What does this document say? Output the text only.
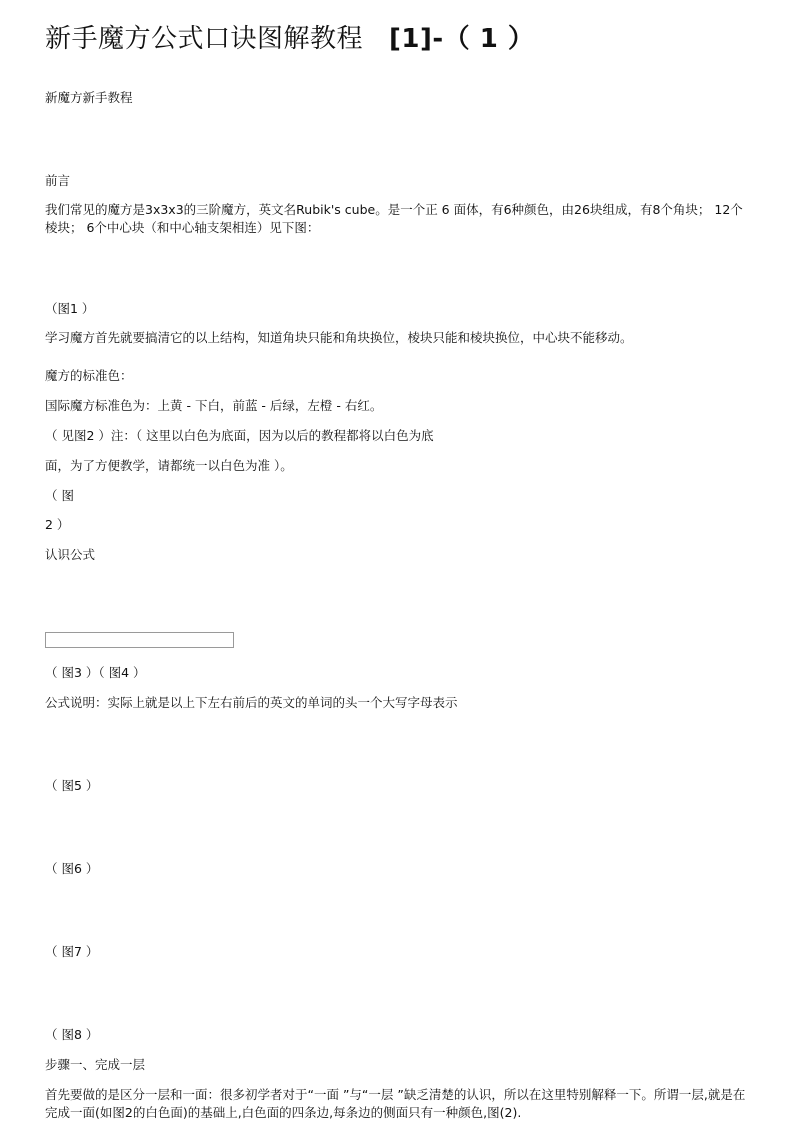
新手魔方公式口诀图解教程 [1]-（ 1 ）
新魔方新手教程
前言
我们常见的魔方是3x3x3的三阶魔方，英文名Rubik's cube。是一个正 6 面体，有6种颜色，由26块组成，有8个角块； 12个棱块； 6个中心块（和中心轴支架相连）见下图：
（图1 ）
学习魔方首先就要搞清它的以上结构，知道角块只能和角块换位，棱块只能和棱块换位，中心块不能移动。
魔方的标准色：
国际魔方标准色为：上黄 - 下白，前蓝 - 后绿，左橙 - 右红。
（ 见图2 ）注：（ 这里以白色为底面，因为以后的教程都将以白色为底
面，为了方便教学，请都统一以白色为准 ）。
（ 图
2 ）
认识公式
（ 图3 ）（ 图4 ）
公式说明：实际上就是以上下左右前后的英文的单词的头一个大写字母表示
（ 图5 ）
（ 图6 ）
（ 图7 ）
（ 图8 ）
步骤一、完成一层
首先要做的是区分一层和一面：很多初学者对于“一面 ”与“一层 ”缺乏清楚的认识，所以在这里特别解释一下。所谓一层,就是在完成一面(如图2的白色面)的基础上,白色面的四条边,每条边的侧面只有一种颜色,图(2).
